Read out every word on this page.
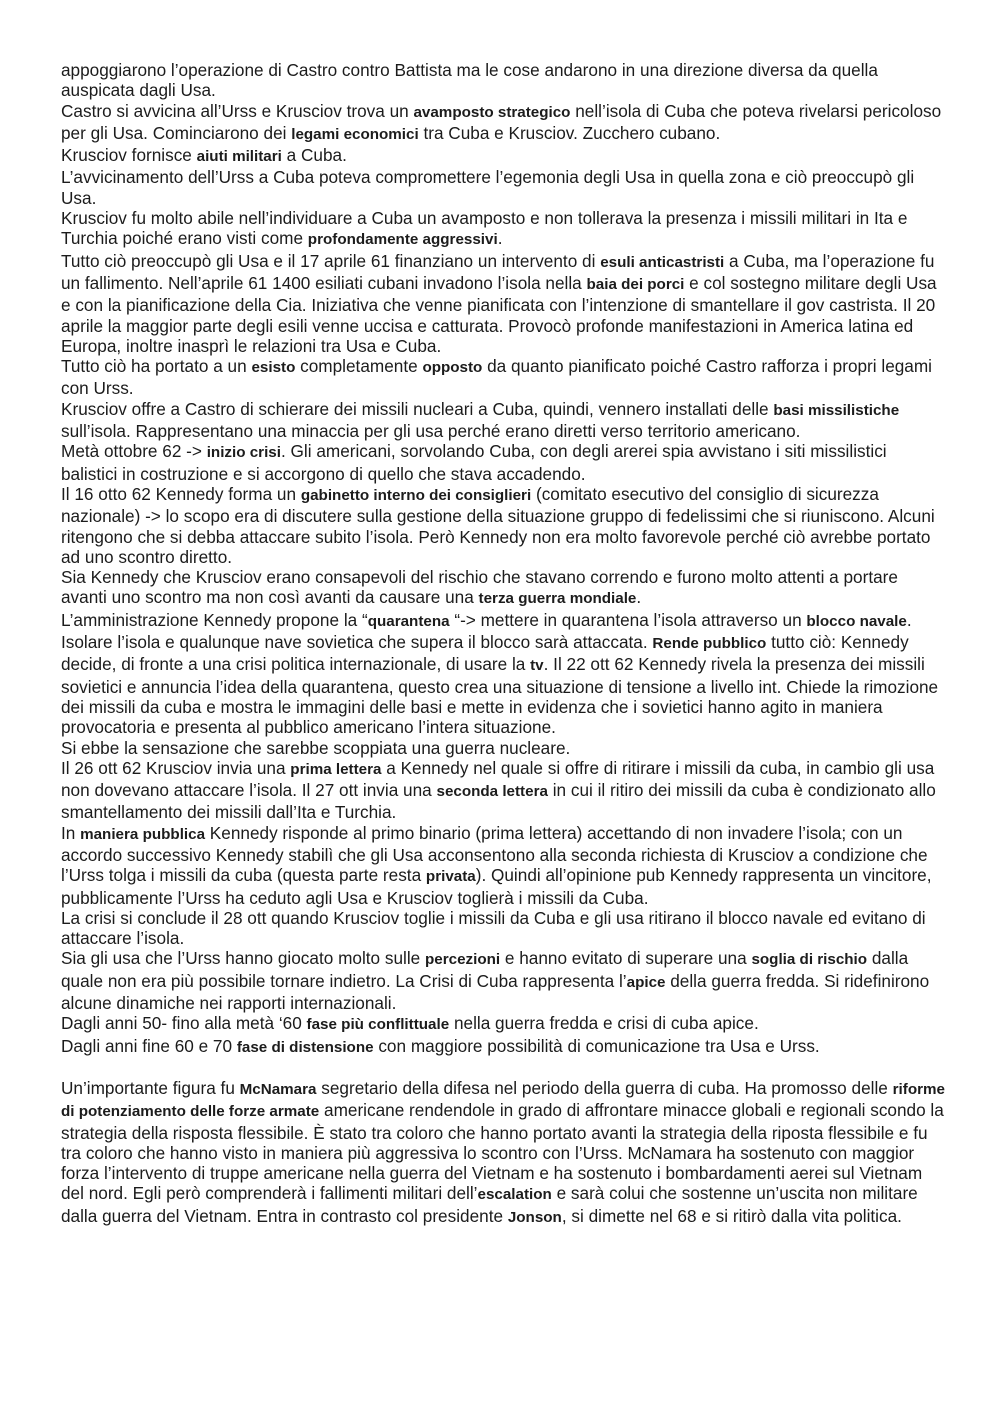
appoggiarono l’operazione di Castro contro Battista ma le cose andarono in una direzione diversa da quella auspicata dagli Usa.

Castro si avvicina all’Urss e Krusciov trova un avamposto strategico nell’isola di Cuba che poteva rivelarsi pericoloso per gli Usa. Cominciarono dei legami economici tra Cuba e Krusciov. Zucchero cubano.

Krusciov fornisce aiuti militari a Cuba.

L’avvicinamento dell’Urss a Cuba poteva compromettere l’egemonia degli Usa in quella zona e ciò preoccupò gli Usa.

Krusciov fu molto abile nell’individuare a Cuba un avamposto e non tollerava la presenza i missili militari in Ita e Turchia poiché erano visti come profondamente aggressivi.

Tutto ciò preoccupò gli Usa e il 17 aprile 61 finanziano un intervento di esuli anticastristi a Cuba, ma l’operazione fu un fallimento. Nell’aprile 61 1400 esiliati cubani invadono l’isola nella baia dei porci e col sostegno militare degli Usa e con la pianificazione della Cia. Iniziativa che venne pianificata con l’intenzione di smantellare il gov castrista. Il 20 aprile la maggior parte degli esili venne uccisa e catturata. Provocò profonde manifestazioni in America latina ed Europa, inoltre inasprì le relazioni tra Usa e Cuba.

Tutto ciò ha portato a un esisto completamente opposto da quanto pianificato poiché Castro rafforza i propri legami con Urss.

Krusciov offre a Castro di schierare dei missili nucleari a Cuba, quindi, vennero installati delle basi missilistiche sull’isola. Rappresentano una minaccia per gli usa perché erano diretti verso territorio americano.

Metà ottobre 62 -> inizio crisi. Gli americani, sorvolando Cuba, con degli arerei spia avvistano i siti missilistici balistici in costruzione e si accorgono di quello che stava accadendo.

Il 16 otto 62 Kennedy forma un gabinetto interno dei consiglieri (comitato esecutivo del consiglio di sicurezza nazionale) -> lo scopo era di discutere sulla gestione della situazione gruppo di fedelissimi che si riuniscono. Alcuni ritengono che si debba attaccare subito l’isola. Però Kennedy non era molto favorevole perché ciò avrebbe portato ad uno scontro diretto.

Sia Kennedy che Krusciov erano consapevoli del rischio che stavano correndo e furono molto attenti a portare avanti uno scontro ma non così avanti da causare una terza guerra mondiale.

L’amministrazione Kennedy propone la “quarantena “-> mettere in quarantena l’isola attraverso un blocco navale. Isolare l’isola e qualunque nave sovietica che supera il blocco sarà attaccata. Rende pubblico tutto ciò: Kennedy decide, di fronte a una crisi politica internazionale, di usare la tv. Il 22 ott 62 Kennedy rivela la presenza dei missili sovietici e annuncia l’idea della quarantena, questo crea una situazione di tensione a livello int. Chiede la rimozione dei missili da cuba e mostra le immagini delle basi e mette in evidenza che i sovietici hanno agito in maniera provocatoria e presenta al pubblico americano l’intera situazione.

Si ebbe la sensazione che sarebbe scoppiata una guerra nucleare.

Il 26 ott 62 Krusciov invia una prima lettera a Kennedy nel quale si offre di ritirare i missili da cuba, in cambio gli usa non dovevano attaccare l’isola. Il 27 ott invia una seconda lettera in cui il ritiro dei missili da cuba è condizionato allo smantellamento dei missili dall’Ita e Turchia.

In maniera pubblica Kennedy risponde al primo binario (prima lettera) accettando di non invadere l’isola; con un accordo successivo Kennedy stabilì che gli Usa acconsentono alla seconda richiesta di Krusciov a condizione che l’Urss tolga i missili da cuba (questa parte resta privata). Quindi all’opinione pub Kennedy rappresenta un vincitore, pubblicamente l’Urss ha ceduto agli Usa e Krusciov toglierà i missili da Cuba.

La crisi si conclude il 28 ott quando Krusciov toglie i missili da Cuba e gli usa ritirano il blocco navale ed evitano di attaccare l’isola.

Sia gli usa che l’Urss hanno giocato molto sulle percezioni e hanno evitato di superare una soglia di rischio dalla quale non era più possibile tornare indietro. La Crisi di Cuba rappresenta l’apice della guerra fredda. Si ridefinirono alcune dinamiche nei rapporti internazionali.

Dagli anni 50- fino alla metà ‘60 fase più conflittuale nella guerra fredda e crisi di cuba apice.

Dagli anni fine 60 e 70 fase di distensione con maggiore possibilità di comunicazione tra Usa e Urss.

Un’importante figura fu McNamara segretario della difesa nel periodo della guerra di cuba. Ha promosso delle riforme di potenziamento delle forze armate americane rendendole in grado di affrontare minacce globali e regionali scondo la strategia della risposta flessibile. È stato tra coloro che hanno portato avanti la strategia della riposta flessibile e fu tra coloro che hanno visto in maniera più aggressiva lo scontro con l’Urss. McNamara ha sostenuto con maggior forza l’intervento di truppe americane nella guerra del Vietnam e ha sostenuto i bombardamenti aerei sul Vietnam del nord. Egli però comprenderà i fallimenti militari dell’escalation e sarà colui che sostenne un’uscita non militare dalla guerra del Vietnam. Entra in contrasto col presidente Jonson, si dimette nel 68 e si ritirò dalla vita politica.
